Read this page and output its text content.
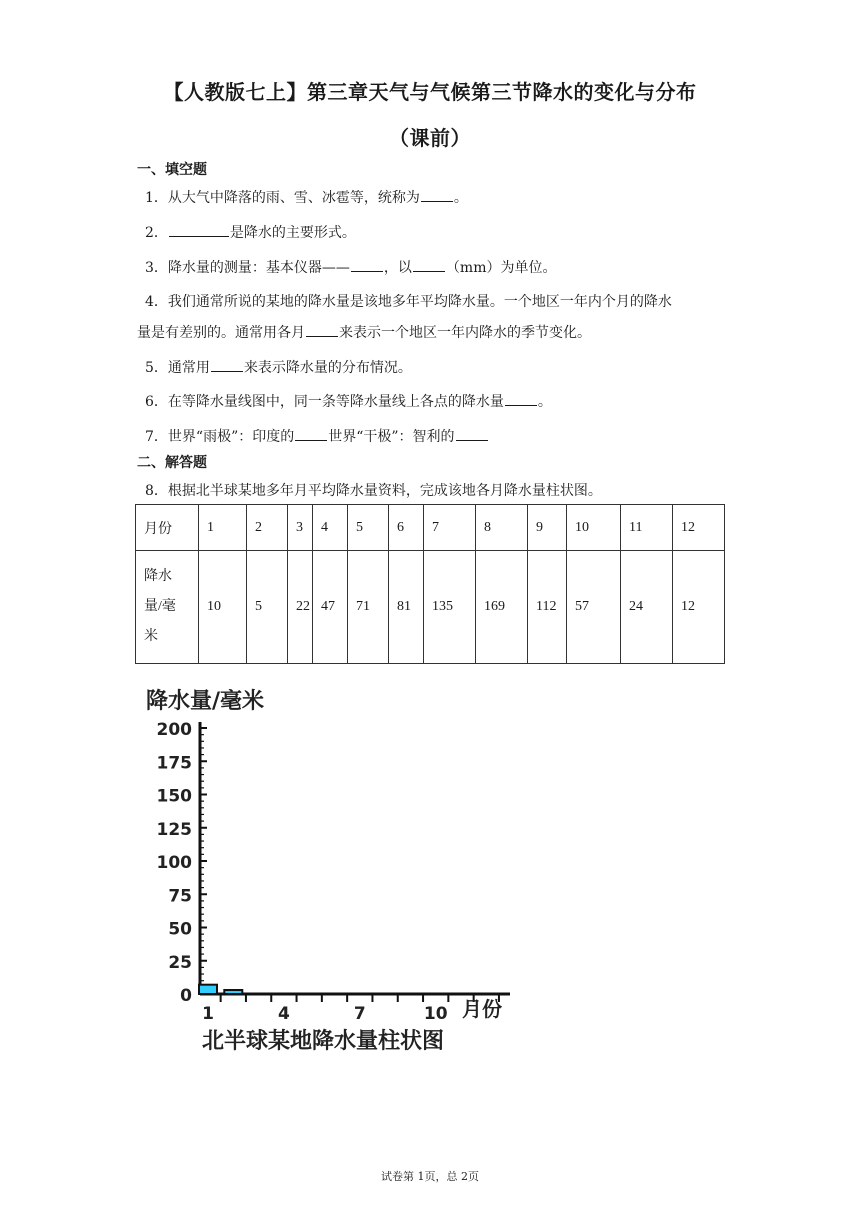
【人教版七上】第三章天气与气候第三节降水的变化与分布
（课前）
一、填空题
1．从大气中降落的雨、雪、冰雹等，统称为 。
2．	是降水的主要形式。
3．降水量的测量：基本仪器—— ，以 （mm）为单位。
4．我们通常所说的某地的降水量是该地多年平均降水量。一个地区一年内个月的降水
量是有差别的。通常用各月 来表示一个地区一年内降水的季节变化。
5．通常用 来表示降水量的分布情况。
6．在等降水量线图中，同一条等降水量线上各点的降水量 。
7．世界“雨极”：印度的 世界“干极”：智利的
二、解答题
8．根据北半球某地多年月平均降水量资料，完成该地各月降水量柱状图。
月份	1	2	3	4	5	6	7	8	9	10	11	12

降水
量/毫
米	10	5	22	47	71	81	135	169	112	57	24	12
降水量/毫米
0
25
50
75
100
125
150
175
200
1	4	7	10 月份
北半球某地降水量柱状图
试卷第 1页，总 2页
